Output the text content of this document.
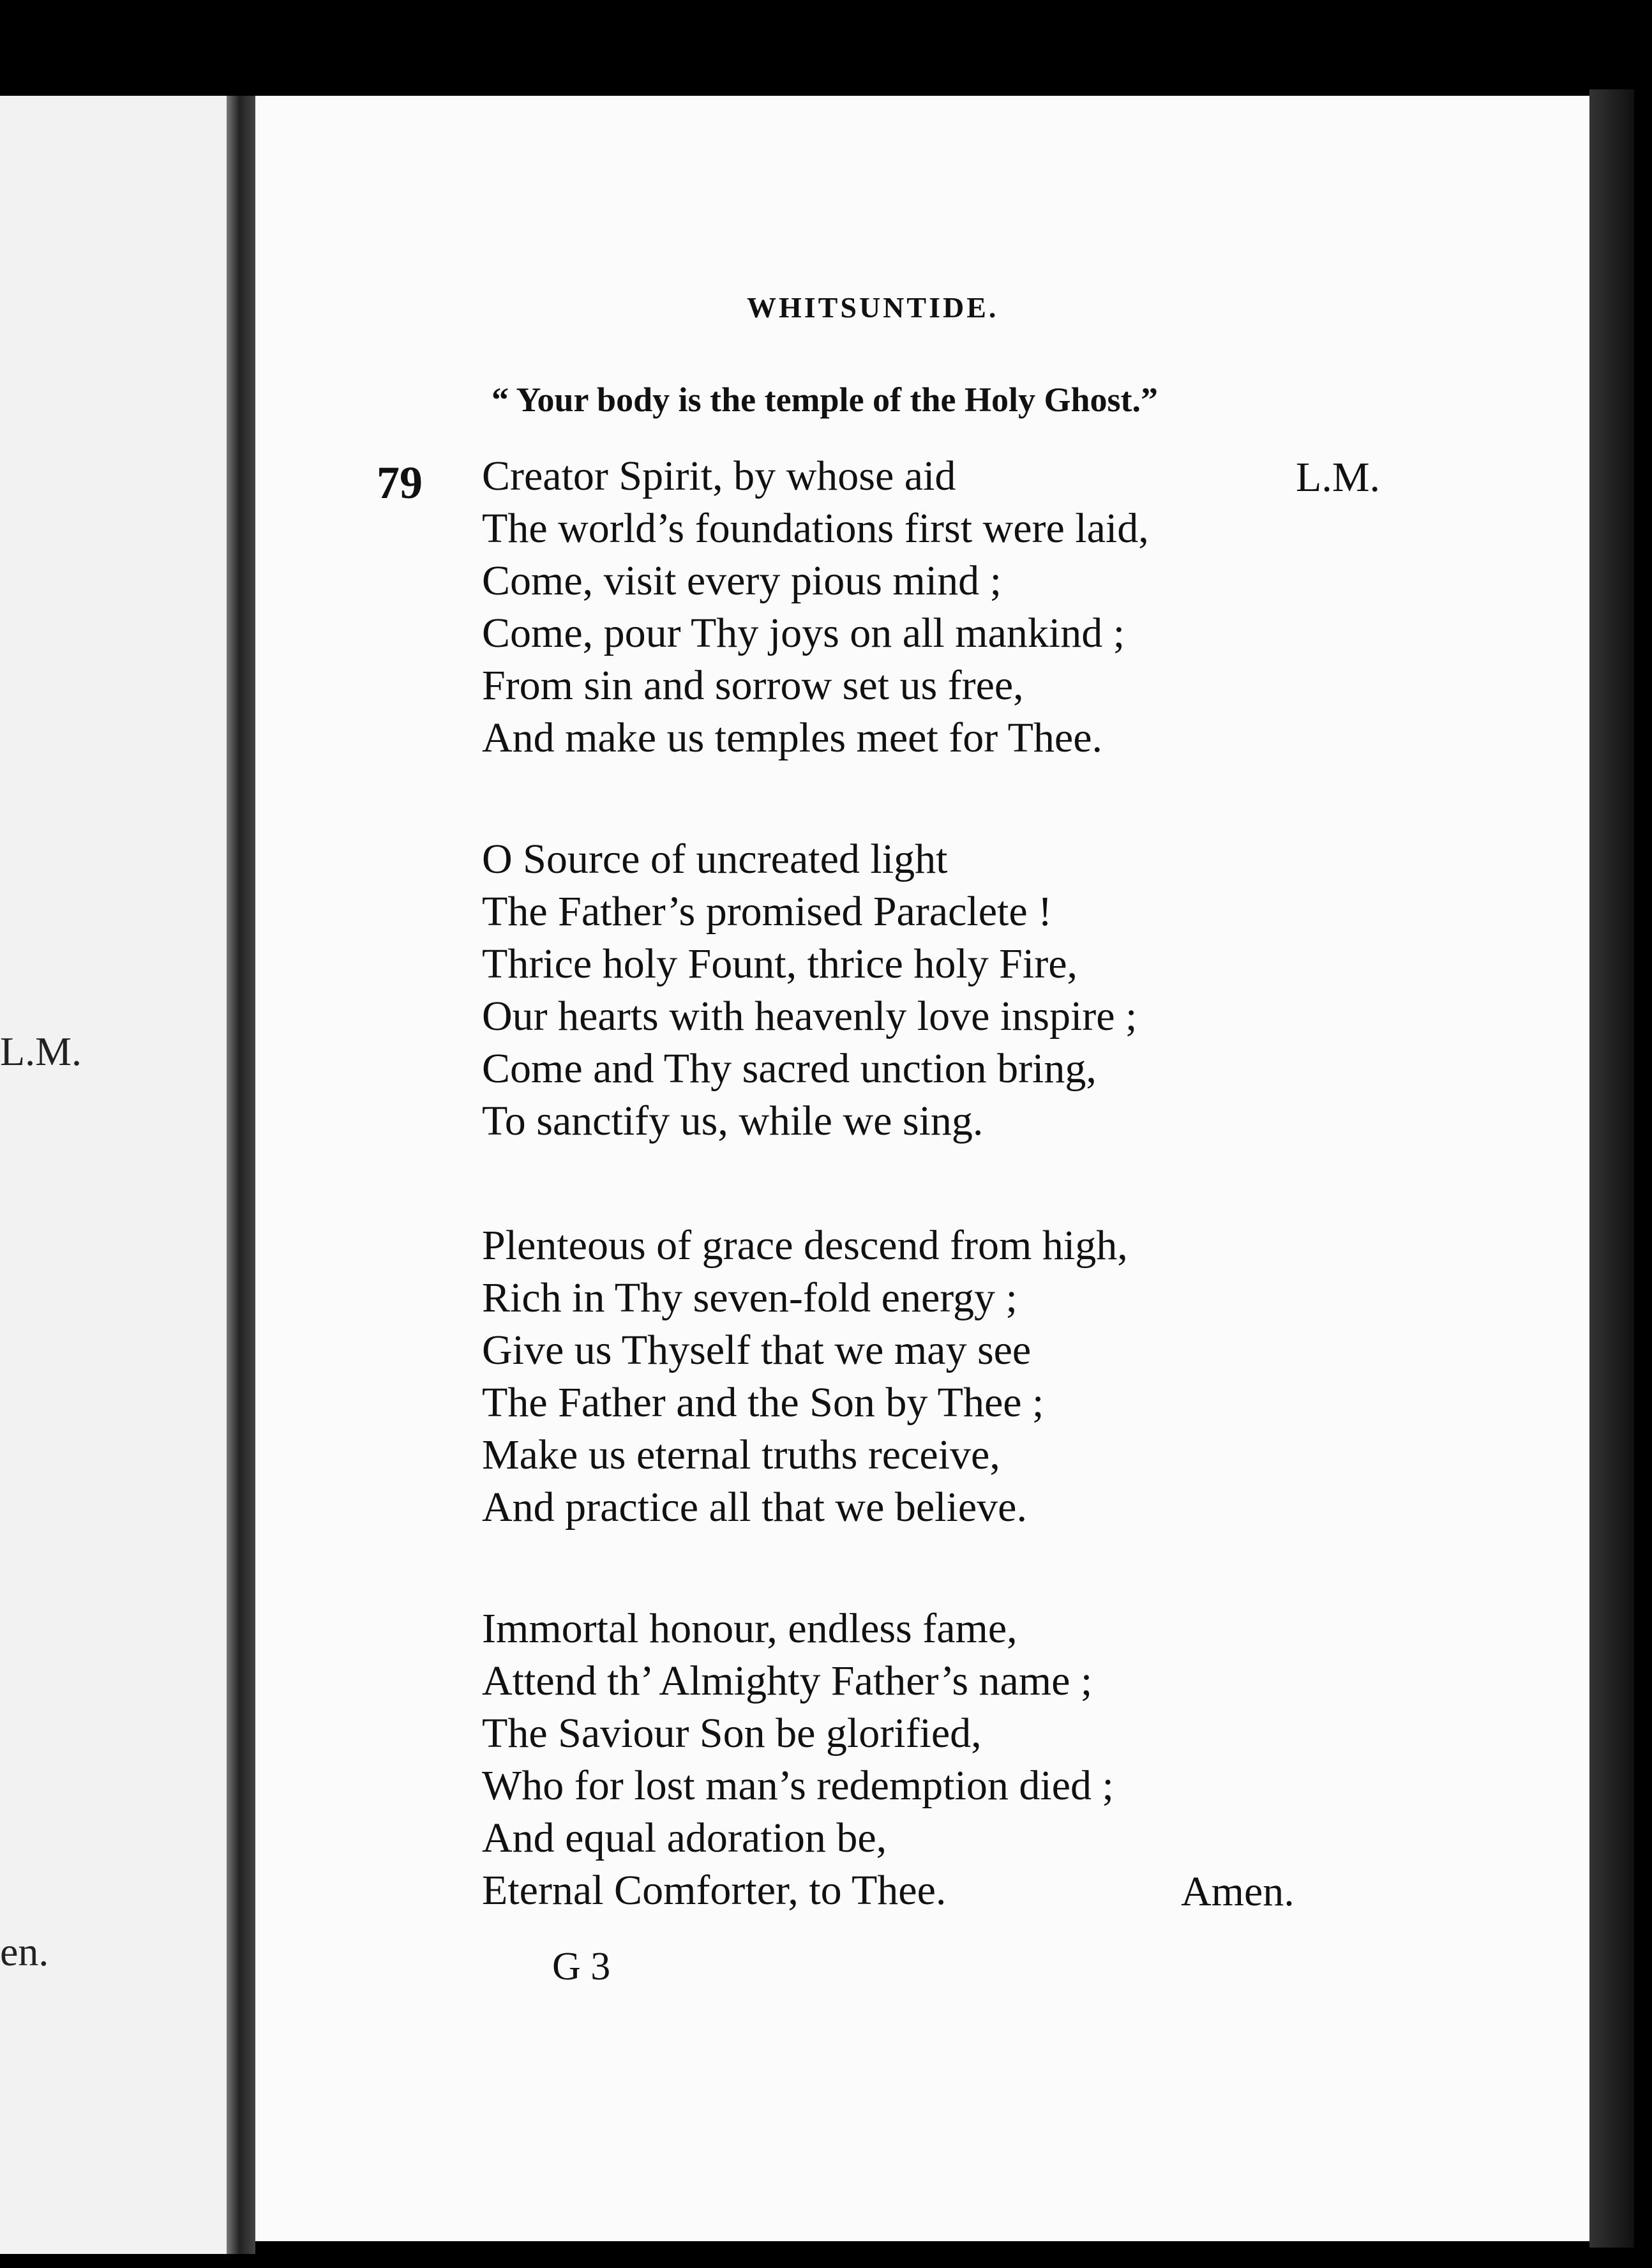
L.M.
en.
WHITSUNTIDE.
“ Your body is the temple of the Holy Ghost.”
79	L.M.
Creator Spirit, by whose aid
The world’s foundations first were laid,
Come, visit every pious mind ;
Come, pour Thy joys on all mankind ;
From sin and sorrow set us free,
And make us temples meet for Thee.
O Source of uncreated light
The Father’s promised Paraclete !
Thrice holy Fount, thrice holy Fire,
Our hearts with heavenly love inspire ;
Come and Thy sacred unction bring,
To sanctify us, while we sing.
Plenteous of grace descend from high,
Rich in Thy seven-fold energy ;
Give us Thyself that we may see
The Father and the Son by Thee ;
Make us eternal truths receive,
And practice all that we believe.
Immortal honour, endless fame,
Attend th’ Almighty Father’s name ;
The Saviour Son be glorified,
Who for lost man’s redemption died ;
And equal adoration be,
Eternal Comforter, to Thee.	Amen.
G 3
